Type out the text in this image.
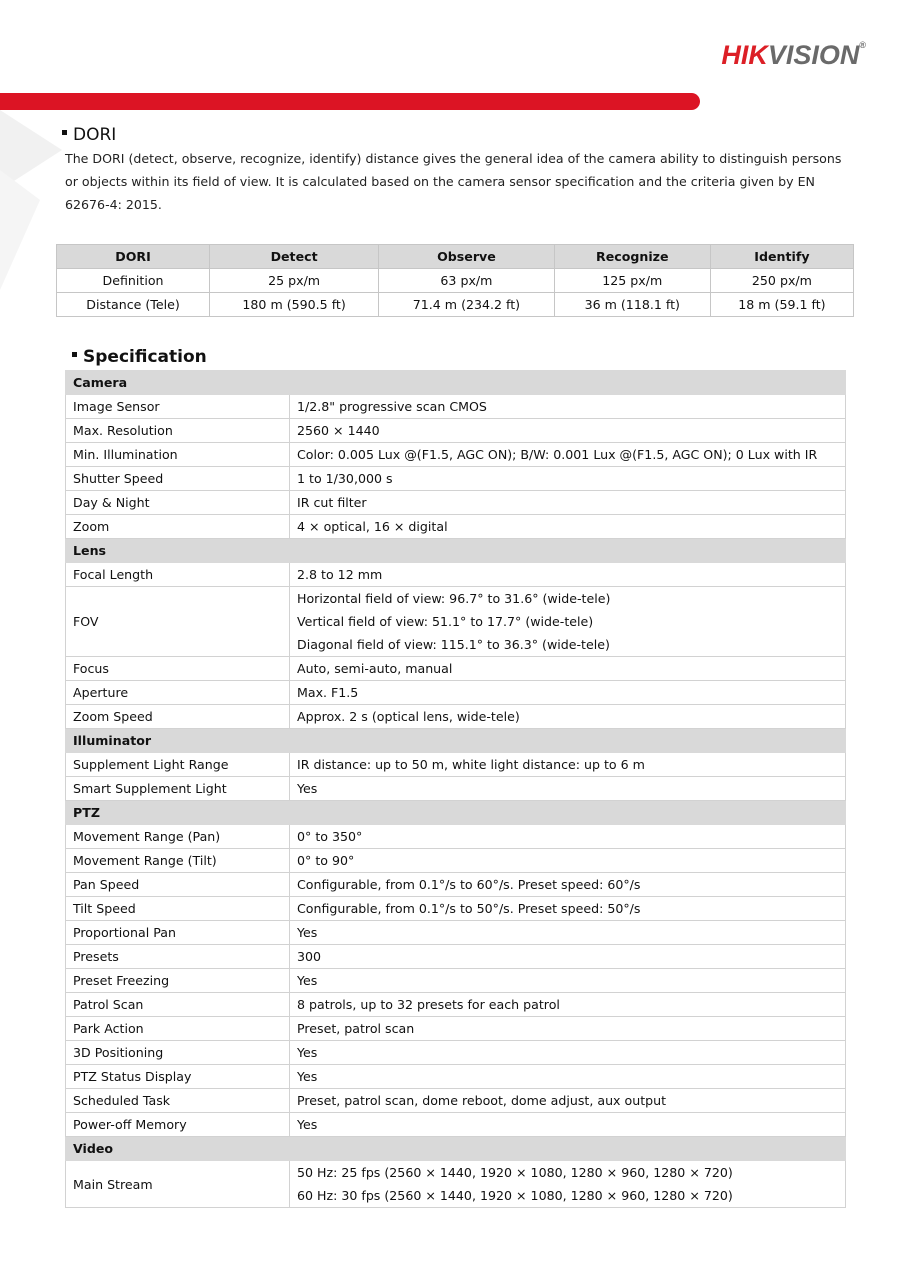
HIKVISION®
DORI
The DORI (detect, observe, recognize, identify) distance gives the general idea of the camera ability to distinguish persons or objects within its field of view. It is calculated based on the camera sensor specification and the criteria given by EN 62676-4: 2015.
DORI	Detect	Observe	Recognize	Identify
Definition	25 px/m	63 px/m	125 px/m	250 px/m
Distance (Tele)	180 m (590.5 ft)	71.4 m (234.2 ft)	36 m (118.1 ft)	18 m (59.1 ft)
Specification
Camera	
Image Sensor	1/2.8" progressive scan CMOS
Max. Resolution	2560 × 1440
Min. Illumination	Color: 0.005 Lux @(F1.5, AGC ON); B/W: 0.001 Lux @(F1.5, AGC ON); 0 Lux with IR
Shutter Speed	1 to 1/30,000 s
Day & Night	IR cut filter
Zoom	4 × optical, 16 × digital
Lens	
Focal Length	2.8 to 12 mm
FOV	Horizontal field of view: 96.7° to 31.6° (wide-tele)
Vertical field of view: 51.1° to 17.7° (wide-tele)
Diagonal field of view: 115.1° to 36.3° (wide-tele)

Focus	Auto, semi-auto, manual
Aperture	Max. F1.5
Zoom Speed	Approx. 2 s (optical lens, wide-tele)
Illuminator	
Supplement Light Range	IR distance: up to 50 m, white light distance: up to 6 m
Smart Supplement Light	Yes
PTZ	
Movement Range (Pan)	0° to 350°
Movement Range (Tilt)	0° to 90°
Pan Speed	Configurable, from 0.1°/s to 60°/s. Preset speed: 60°/s
Tilt Speed	Configurable, from 0.1°/s to 50°/s. Preset speed: 50°/s
Proportional Pan	Yes
Presets	300
Preset Freezing	Yes
Patrol Scan	8 patrols, up to 32 presets for each patrol
Park Action	Preset, patrol scan
3D Positioning	Yes
PTZ Status Display	Yes
Scheduled Task	Preset, patrol scan, dome reboot, dome adjust, aux output
Power-off Memory	Yes
Video	
Main Stream	50 Hz: 25 fps (2560 × 1440, 1920 × 1080, 1280 × 960, 1280 × 720)
60 Hz: 30 fps (2560 × 1440, 1920 × 1080, 1280 × 960, 1280 × 720)
